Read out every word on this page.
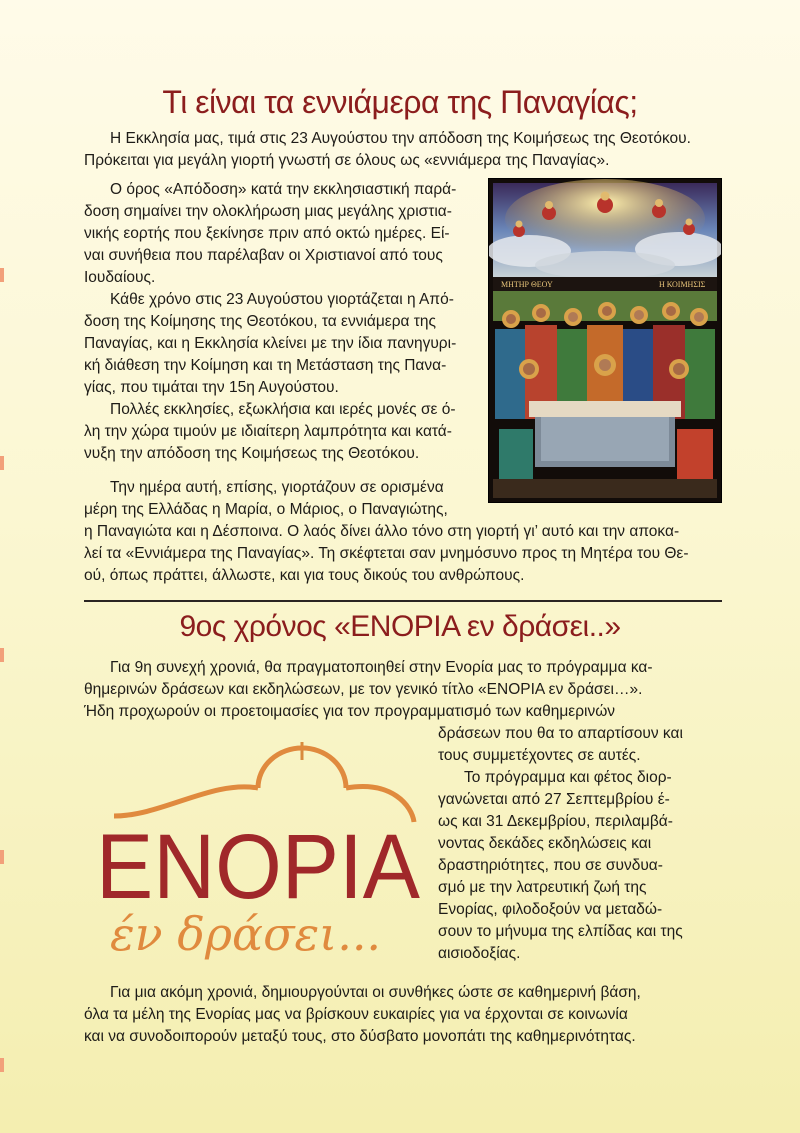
Τι είναι τα εννιάμερα της Παναγίας;

Η Εκκλησία μας, τιμά στις 23 Αυγούστου την απόδοση της Κοιμήσεως της Θεοτόκου.
Πρόκειται για μεγάλη γιορτή γνωστή σε όλους ως «εννιάμερα της Παναγίας».

Ο όρος «Απόδοση» κατά την εκκλησιαστική παρά-
δοση σημαίνει την ολοκλήρωση μιας μεγάλης χριστια-
νικής εορτής που ξεκίνησε πριν από οκτώ ημέρες. Εί-
ναι συνήθεια που παρέλαβαν οι Χριστιανοί από τους
Ιουδαίους.

Κάθε χρόνο στις 23 Αυγούστου γιορτάζεται η Από-
δοση της Κοίμησης της Θεοτόκου, τα εννιάμερα της
Παναγίας, και η Εκκλησία κλείνει με την ίδια πανηγυρι-
κή διάθεση την Κοίμηση και τη Μετάσταση της Πανα-
γίας, που τιμάται την 15η Αυγούστου.

Πολλές εκκλησίες, εξωκλήσια και ιερές μονές σε ό-
λη την χώρα τιμούν με ιδιαίτερη λαμπρότητα και κατά-
νυξη την απόδοση της Κοιμήσεως της Θεοτόκου.

Την ημέρα αυτή, επίσης, γιορτάζουν σε ορισμένα
μέρη της Ελλάδας η Μαρία, ο Μάριος, ο Παναγιώτης,
η Παναγιώτα και η Δέσποινα. Ο λαός δίνει άλλο τόνο στη γιορτή γι’ αυτό και την αποκα-
λεί τα «Εννιάμερα της Παναγίας». Τη σκέφτεται σαν μνημόσυνο προς τη Μητέρα του Θε-
ού, όπως πράττει, άλλωστε, και για τους δικούς του ανθρώπους.

ΜΗΤΗΡ ΘΕΟΥ	Η ΚΟΙΜΗΣΙΣ
9ος χρόνος «ΕΝΟΡΙΑ εν δράσει..»

Για 9η συνεχή χρονιά, θα πραγματοποιηθεί στην Ενορία μας το πρόγραμμα κα-
θημερινών δράσεων και εκδηλώσεων, με τον γενικό τίτλο «ΕΝΟΡΙΑ εν δράσει…».
Ήδη προχωρούν οι προετοιμασίες για τον προγραμματισμό των καθημερινών
δράσεων που θα το απαρτίσουν και
τους συμμετέχοντες σε αυτές.

Το πρόγραμμα και φέτος διορ-
γανώνεται από 27 Σεπτεμβρίου έ-
ως και 31 Δεκεμβρίου, περιλαμβά-
νοντας δεκάδες εκδηλώσεις και
δραστηριότητες, που σε συνδυα-
σμό με την λατρευτική ζωή της
Ενορίας, φιλοδοξούν να μεταδώ-
σουν το μήνυμα της ελπίδας και της
αισιοδοξίας.

ΕΝΟΡΙΑ
έν δράσει...

Για μια ακόμη χρονιά, δημιουργούνται οι συνθήκες ώστε σε καθημερινή βάση,
όλα τα μέλη της Ενορίας μας να βρίσκουν ευκαιρίες για να έρχονται σε κοινωνία
και να συνοδοιπορούν μεταξύ τους, στο δύσβατο μονοπάτι της καθημερινότητας.
